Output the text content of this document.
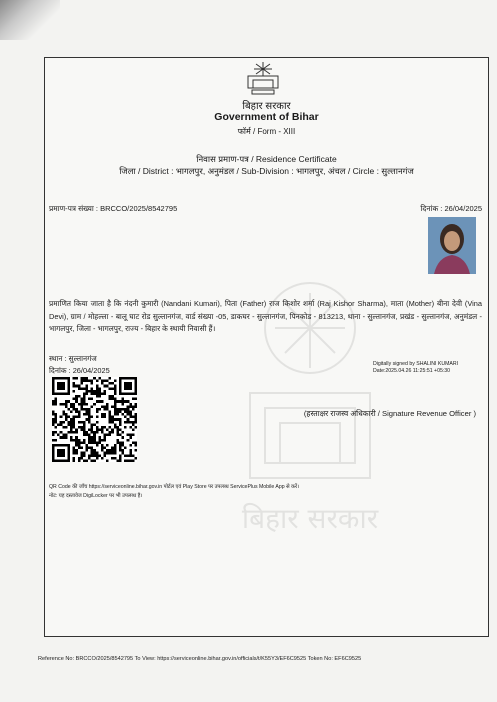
बिहार सरकार
बिहार सरकार
Government of Bihar
फॉर्म / Form - XIII
निवास प्रमाण-पत्र / Residence Certificate
जिला / District : भागलपुर, अनुमंडल / Sub-Division : भागलपुर, अंचल / Circle : सुल्तानगंज
प्रमाण-पत्र संख्या : BRCCO/2025/8542795	दिनांक : 26/04/2025
प्रमाणित किया जाता है कि नंदनी कुमारी (Nandani Kumari), पिता (Father) राज किशोर शर्मा (Raj Kishor Sharma), माता (Mother) बीना देवी (Vina Devi), ग्राम / मोहल्ला - बालू घाट रोड सुल्तानगंज, वार्ड संख्या -05, डाकघर - सुल्तानगंज, पिनकोड - 813213, थाना - सुल्तानगंज, प्रखंड - सुल्तानगंज, अनुमंडल - भागलपुर, जिला - भागलपुर, राज्य - बिहार के स्थायी निवासी हैं।
स्थान : सुल्तानगंज
दिनांक : 26/04/2025
Digitally signed by SHALINI KUMARI
Date:2025.04.26 11:25:51 +05:30
(हस्ताक्षर राजस्व अधिकारी / Signature Revenue Officer )
QR Code की जाँच https://serviceonline.bihar.gov.in पोर्टल एवं Play Store पर उपलब्ध ServicePlus Mobile App से करें।
नोट: यह दस्तावेज DigiLocker पर भी उपलब्ध है।
Reference No: BRCCO/2025/8542795 To View: https://serviceonline.bihar.gov.in/officials/t/K55Y3/EF6C9525 Token No: EF6C9525
